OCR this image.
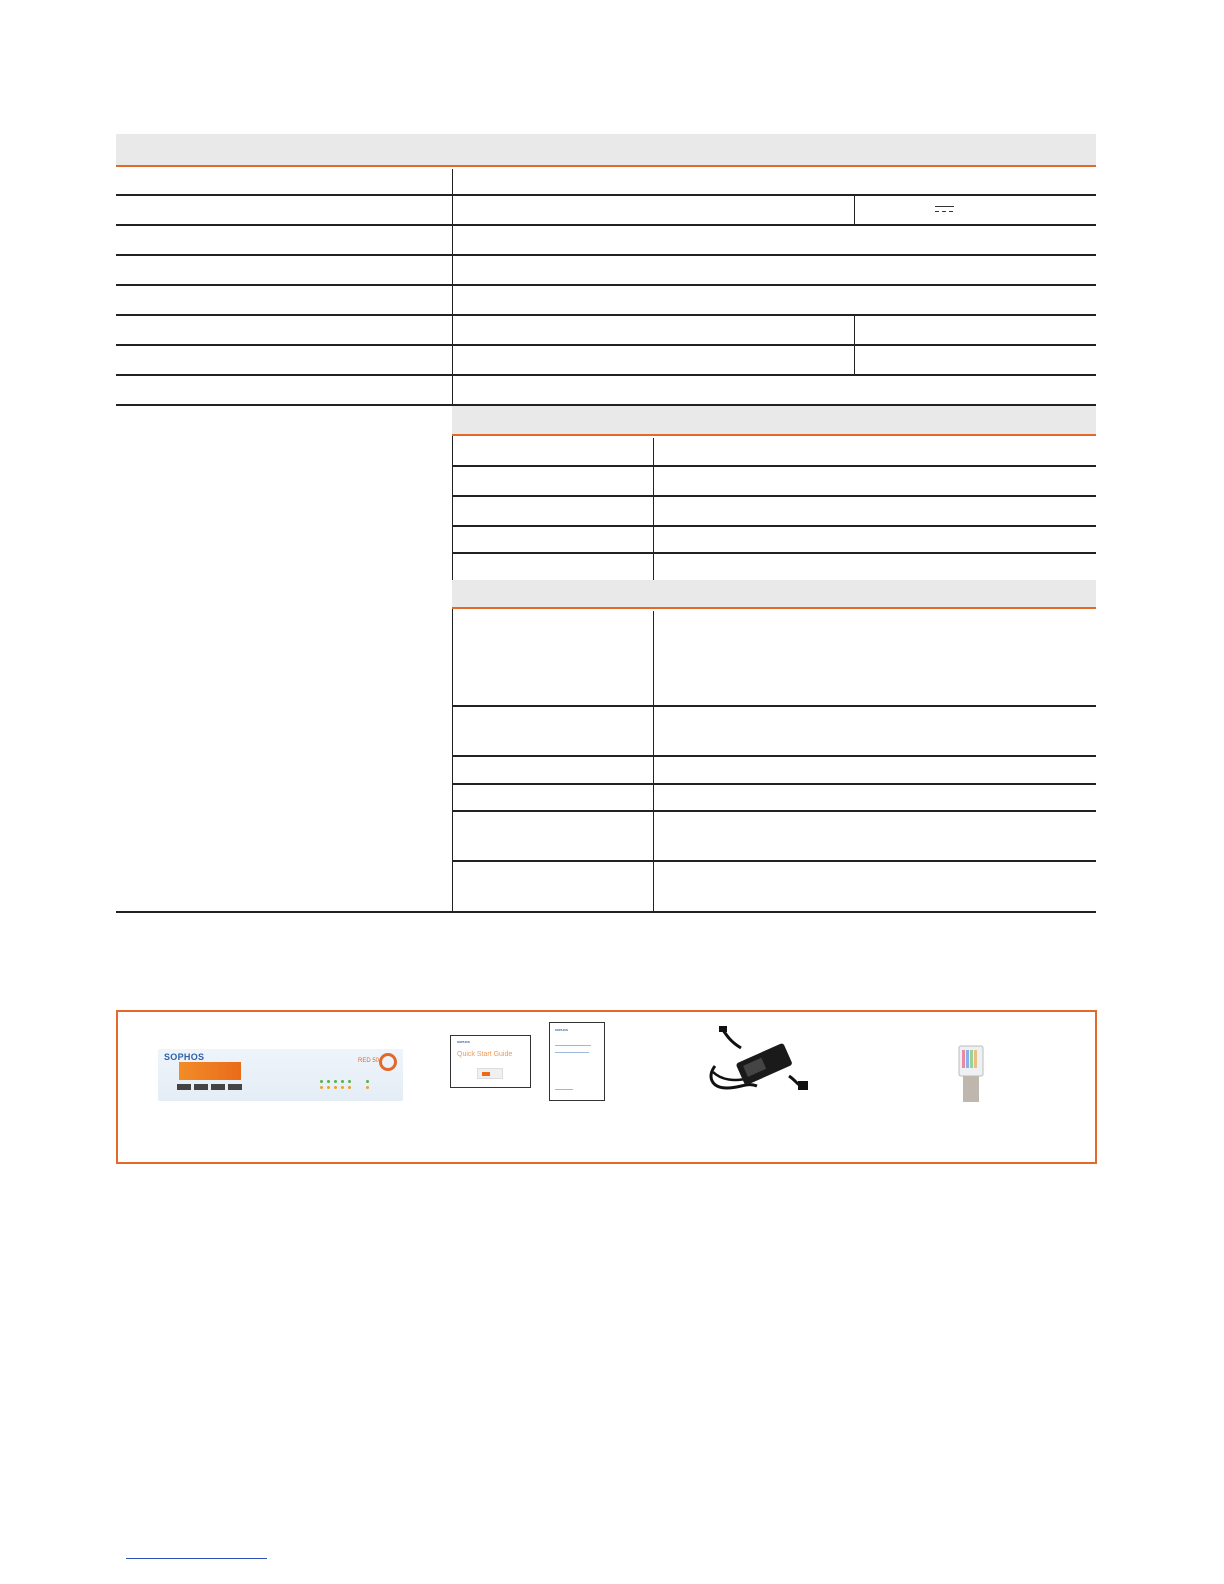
SOPHOS	RED 50
SOPHOS
Quick Start Guide
SOPHOS
